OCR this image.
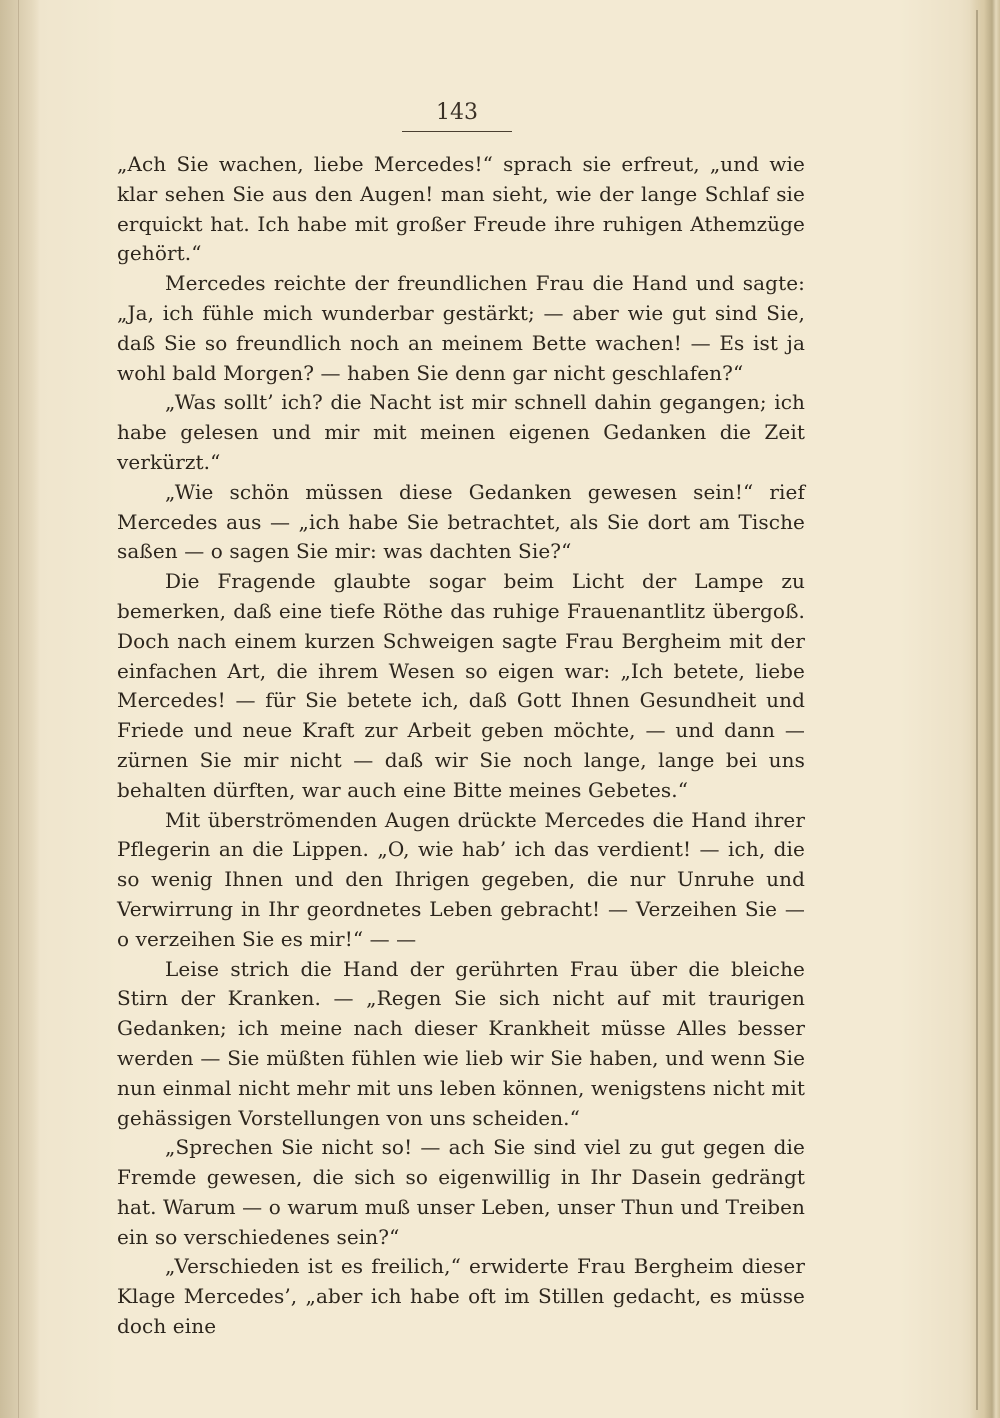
143

„Ach Sie wachen, liebe Mercedes!“ sprach sie erfreut, „und wie klar sehen Sie aus den Augen! man sieht, wie der lange Schlaf sie erquickt hat. Ich habe mit großer Freude ihre ruhigen Athemzüge gehört.“

Mercedes reichte der freundlichen Frau die Hand und sagte: „Ja, ich fühle mich wunderbar gestärkt; — aber wie gut sind Sie, daß Sie so freundlich noch an meinem Bette wachen! — Es ist ja wohl bald Morgen? — haben Sie denn gar nicht geschlafen?“

„Was sollt’ ich? die Nacht ist mir schnell dahin gegangen; ich habe gelesen und mir mit meinen eigenen Gedanken die Zeit verkürzt.“

„Wie schön müssen diese Gedanken gewesen sein!“ rief Mercedes aus — „ich habe Sie betrachtet, als Sie dort am Tische saßen — o sagen Sie mir: was dachten Sie?“

Die Fragende glaubte sogar beim Licht der Lampe zu bemerken, daß eine tiefe Röthe das ruhige Frauenantlitz übergoß. Doch nach einem kurzen Schweigen sagte Frau Bergheim mit der einfachen Art, die ihrem Wesen so eigen war: „Ich betete, liebe Mercedes! — für Sie betete ich, daß Gott Ihnen Gesundheit und Friede und neue Kraft zur Arbeit geben möchte, — und dann — zürnen Sie mir nicht — daß wir Sie noch lange, lange bei uns behalten dürften, war auch eine Bitte meines Gebetes.“

Mit überströmenden Augen drückte Mercedes die Hand ihrer Pflegerin an die Lippen. „O, wie hab’ ich das verdient! — ich, die so wenig Ihnen und den Ihrigen gegeben, die nur Unruhe und Verwirrung in Ihr geordnetes Leben gebracht! — Verzeihen Sie — o verzeihen Sie es mir!“ — —

Leise strich die Hand der gerührten Frau über die bleiche Stirn der Kranken. — „Regen Sie sich nicht auf mit traurigen Gedanken; ich meine nach dieser Krankheit müsse Alles besser werden — Sie müßten fühlen wie lieb wir Sie haben, und wenn Sie nun einmal nicht mehr mit uns leben können, wenigstens nicht mit gehässigen Vorstellungen von uns scheiden.“

„Sprechen Sie nicht so! — ach Sie sind viel zu gut gegen die Fremde gewesen, die sich so eigenwillig in Ihr Dasein gedrängt hat. Warum — o warum muß unser Leben, unser Thun und Treiben ein so verschiedenes sein?“

„Verschieden ist es freilich,“ erwiderte Frau Bergheim dieser Klage Mercedes’, „aber ich habe oft im Stillen gedacht, es müsse doch eine
